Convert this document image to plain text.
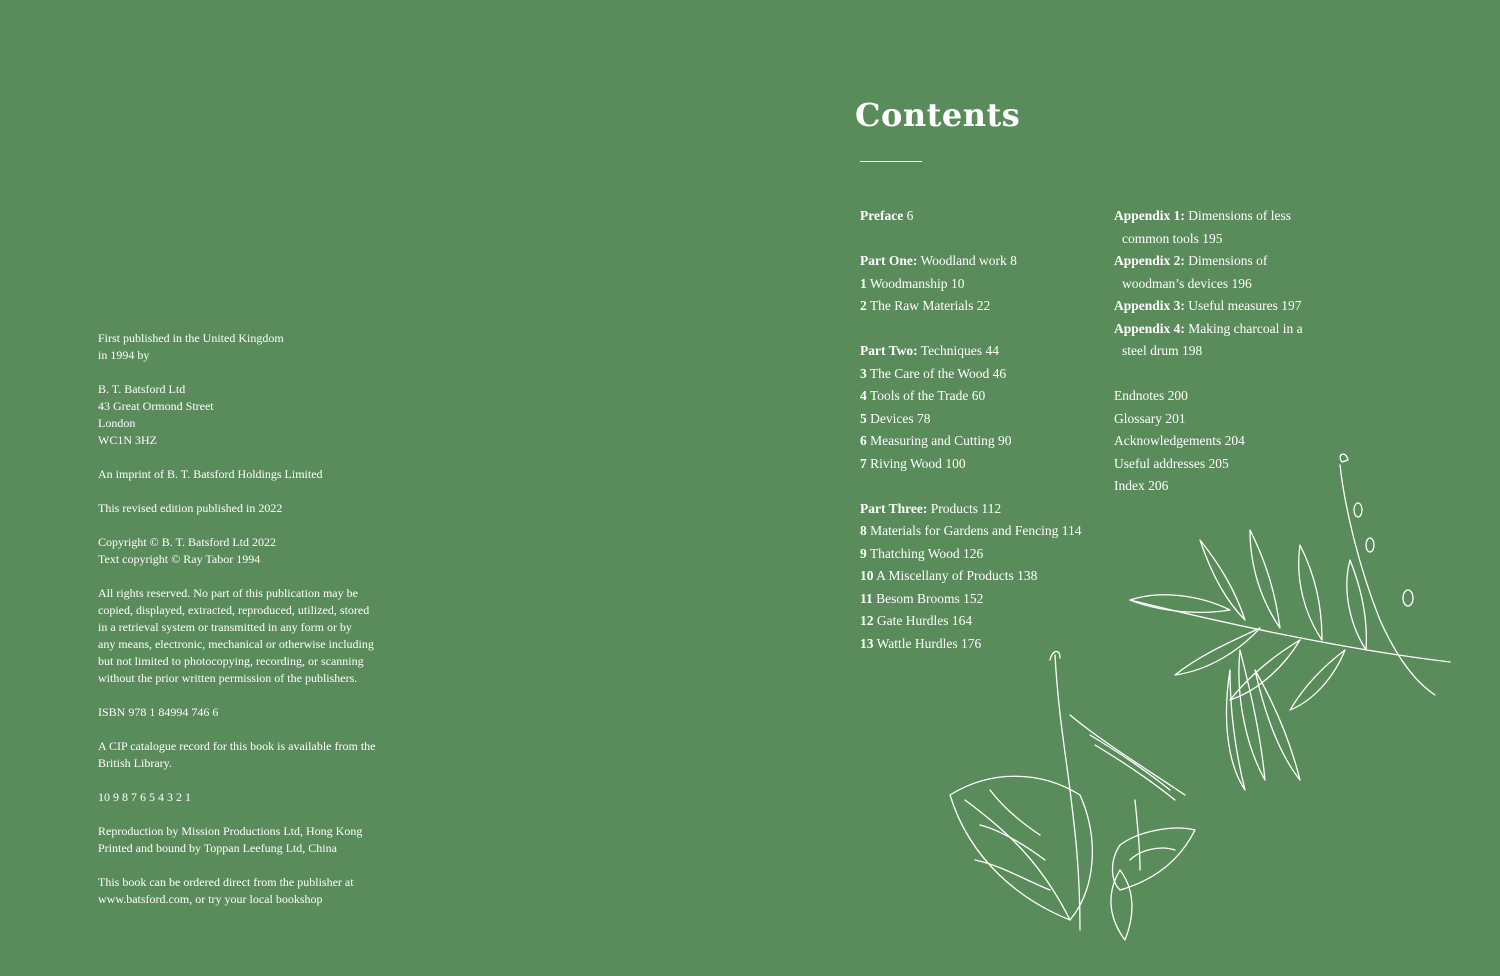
First published in the United Kingdom
in 1994 by

B. T. Batsford Ltd
43 Great Ormond Street
London
WC1N 3HZ

An imprint of B. T. Batsford Holdings Limited

This revised edition published in 2022

Copyright © B. T. Batsford Ltd 2022
Text copyright © Ray Tabor 1994

All rights reserved. No part of this publication may be
copied, displayed, extracted, reproduced, utilized, stored
in a retrieval system or transmitted in any form or by
any means, electronic, mechanical or otherwise including
but not limited to photocopying, recording, or scanning
without the prior written permission of the publishers.

ISBN 978 1 84994 746 6

A CIP catalogue record for this book is available from the
British Library.

10 9 8 7 6 5 4 3 2 1

Reproduction by Mission Productions Ltd, Hong Kong
Printed and bound by Toppan Leefung Ltd, China

This book can be ordered direct from the publisher at
www.batsford.com, or try your local bookshop

Contents
Preface 6
Part One: Woodland work 8
1 Woodmanship 10
2 The Raw Materials 22
Part Two: Techniques 44
3 The Care of the Wood 46
4 Tools of the Trade 60
5 Devices 78
6 Measuring and Cutting 90
7 Riving Wood 100
Part Three: Products 112
8 Materials for Gardens and Fencing 114
9 Thatching Wood 126
10 A Miscellany of Products 138
11 Besom Brooms 152
12 Gate Hurdles 164
13 Wattle Hurdles 176
Appendix 1: Dimensions of less
common tools 195
Appendix 2: Dimensions of
woodman’s devices 196
Appendix 3: Useful measures 197
Appendix 4: Making charcoal in a
steel drum 198
Endnotes 200
Glossary 201
Acknowledgements 204
Useful addresses 205
Index 206
